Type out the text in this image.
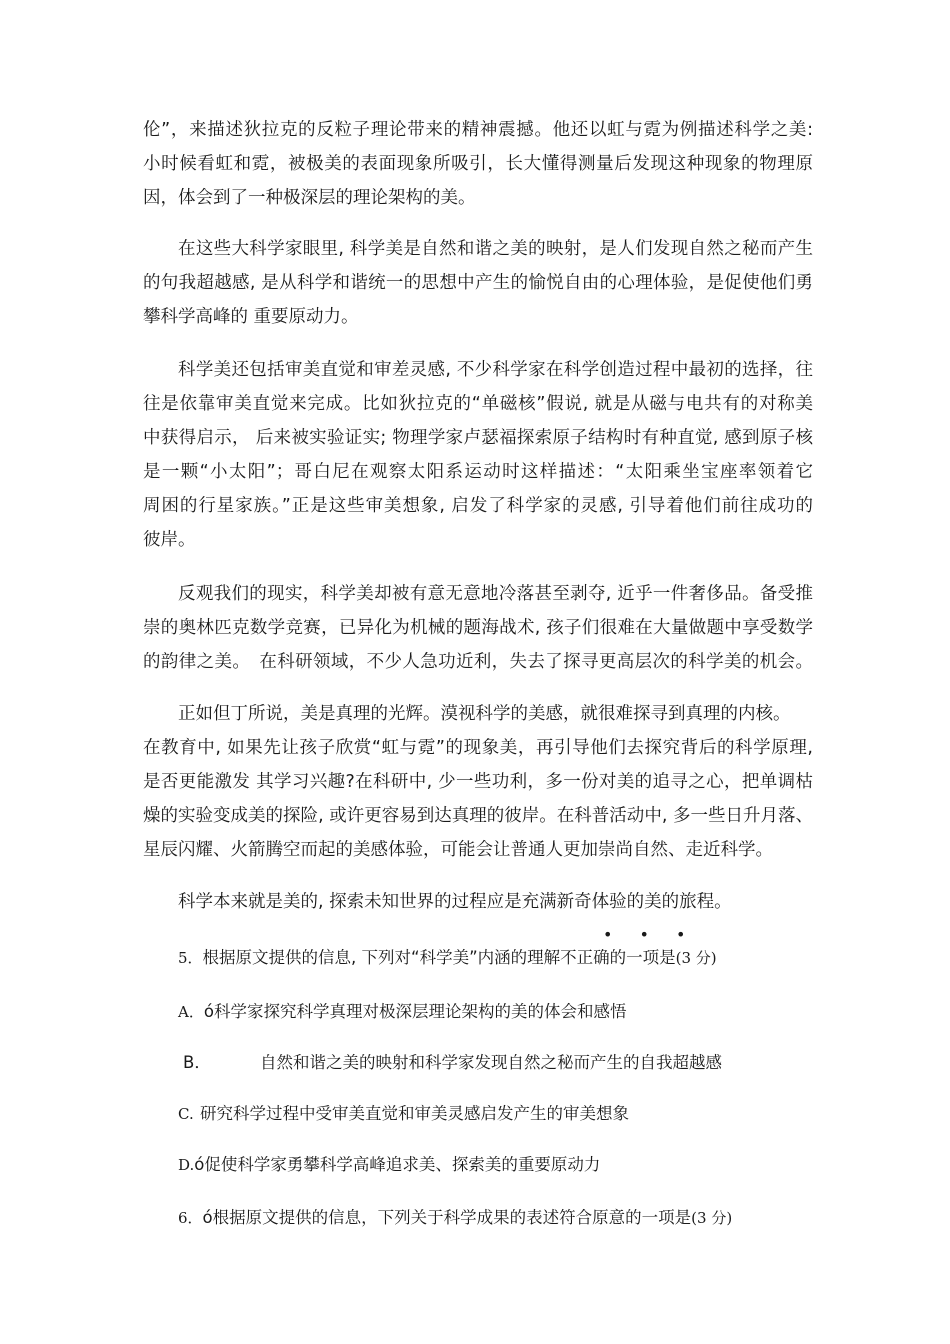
伦”，来描述狄拉克的反粒子理论带来的精神震撼。他还以虹与霓为例描述科学之美:
小时候看虹和霓，被极美的表面现象所吸引，长大懂得测量后发现这种现象的物理原
因，体会到了一种极深层的理论架构的美。
在这些大科学家眼里, 科学美是自然和谐之美的映射，是人们发现自然之秘而产生
的句我超越感, 是从科学和谐统一的思想中产生的愉悦自由的心理体验，是促使他们勇
攀科学高峰的 重要原动力。
科学美还包括审美直觉和审差灵感, 不少科学家在科学创造过程中最初的选择，往
往是依靠审美直觉来完成。比如狄拉克的“单磁核”假说, 就是从磁与电共有的对称美
中获得启示， 后来被实验证实; 物理学家卢瑟福探索原子结构时有种直觉, 感到原子核
是一颗“小太阳”；哥白尼在观察太阳系运动时这样描述：“太阳乘坐宝座率领着它
周困的行星家族。”正是这些审美想象, 启发了科学家的灵感, 引导着他们前往成功的
彼岸。
反观我们的现实，科学美却被有意无意地冷落甚至剥夺, 近乎一件奢侈品。备受推
崇的奥林匹克数学竞赛，已异化为机械的题海战术, 孩子们很难在大量做题中享受数学
的韵律之美。　在科研领域，不少人急功近利，失去了探寻更高层次的科学美的机会。
正如但丁所说，美是真理的光辉。漠视科学的美感，就很难探寻到真理的内核。
在教育中, 如果先让孩子欣赏“虹与霓”的现象美，再引导他们去探究背后的科学原理,
是否更能激发 其学习兴趣?在科研中, 少一些功利，多一份对美的追寻之心，把单调枯
燥的实验变成美的探险, 或许更容易到达真理的彼岸。在科普活动中, 多一些日升月落、
星辰闪耀、火箭腾空而起的美感体验，可能会让普通人更加崇尚自然、走近科学。
科学本来就是美的, 探索未知世界的过程应是充满新奇体验的美的旅程。
• • •
5．根据原文提供的信息, 下列对“科学美”内涵的理解不正确的一项是(3 分)
A．ó科学家探究科学真理对极深层理论架构的美的体会和感悟
B．	自然和谐之美的映射和科学家发现自然之秘而产生的自我超越感
C. 研究科学过程中受审美直觉和审美灵感启发产生的审美想象
D.ó促使科学家勇攀科学高峰追求美、探索美的重要原动力
6．ó根据原文提供的信息，下列关于科学成果的表述符合原意的一项是(3 分)
